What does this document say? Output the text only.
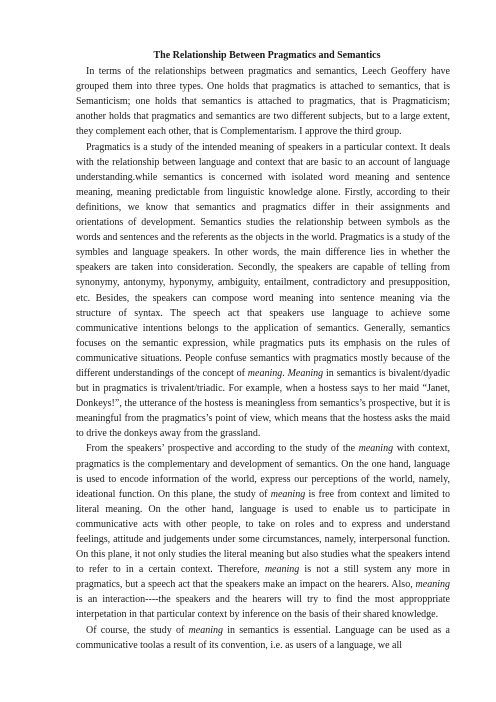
The Relationship Between Pragmatics and Semantics

In terms of the relationships between pragmatics and semantics, Leech Geoffery have grouped them into three types. One holds that pragmatics is attached to semantics, that is Semanticism; one holds that semantics is attached to pragmatics, that is Pragmaticism; another holds that pragmatics and semantics are two different subjects, but to a large extent, they complement each other, that is Complementarism. I approve the third group.

Pragmatics is a study of the intended meaning of speakers in a particular context. It deals with the relationship between language and context that are basic to an account of language understanding.while semantics is concerned with isolated word meaning and sentence meaning, meaning predictable from linguistic knowledge alone. Firstly, according to their definitions, we know that semantics and pragmatics differ in their assignments and orientations of development. Semantics studies the relationship between symbols as the words and sentences and the referents as the objects in the world. Pragmatics is a study of the symbles and language speakers. In other words, the main difference lies in whether the speakers are taken into consideration. Secondly, the speakers are capable of telling from synonymy, antonymy, hyponymy, ambiguity, entailment, contradictory and presupposition, etc. Besides, the speakers can compose word meaning into sentence meaning via the structure of syntax. The speech act that speakers use language to achieve some communicative intentions belongs to the application of semantics. Generally, semantics focuses on the semantic expression, while pragmatics puts its emphasis on the rules of communicative situations. People confuse semantics with pragmatics mostly because of the different understandings of the concept of meaning. Meaning in semantics is bivalent/dyadic but in pragmatics is trivalent/triadic. For example, when a hostess says to her maid “Janet, Donkeys!”, the utterance of the hostess is meaningless from semantics’s prospective, but it is meaningful from the pragmatics’s point of view, which means that the hostess asks the maid to drive the donkeys away from the grassland.

From the speakers’ prospective and according to the study of the meaning with context, pragmatics is the complementary and development of semantics. On the one hand, language is used to encode information of the world, express our perceptions of the world, namely, ideational function. On this plane, the study of meaning is free from context and limited to literal meaning. On the other hand, language is used to enable us to participate in communicative acts with other people, to take on roles and to express and understand feelings, attitude and judgements under some circumstances, namely, interpersonal function. On this plane, it not only studies the literal meaning but also studies what the speakers intend to refer to in a certain context. Therefore, meaning is not a still system any more in pragmatics, but a speech act that the speakers make an impact on the hearers. Also, meaning is an interaction----the speakers and the hearers will try to find the most approppriate interpetation in that particular context by inference on the basis of their shared knowledge.

Of course, the study of meaning in semantics is essential. Language can be used as a communicative toolas a result of its convention, i.e. as users of a language, we all
